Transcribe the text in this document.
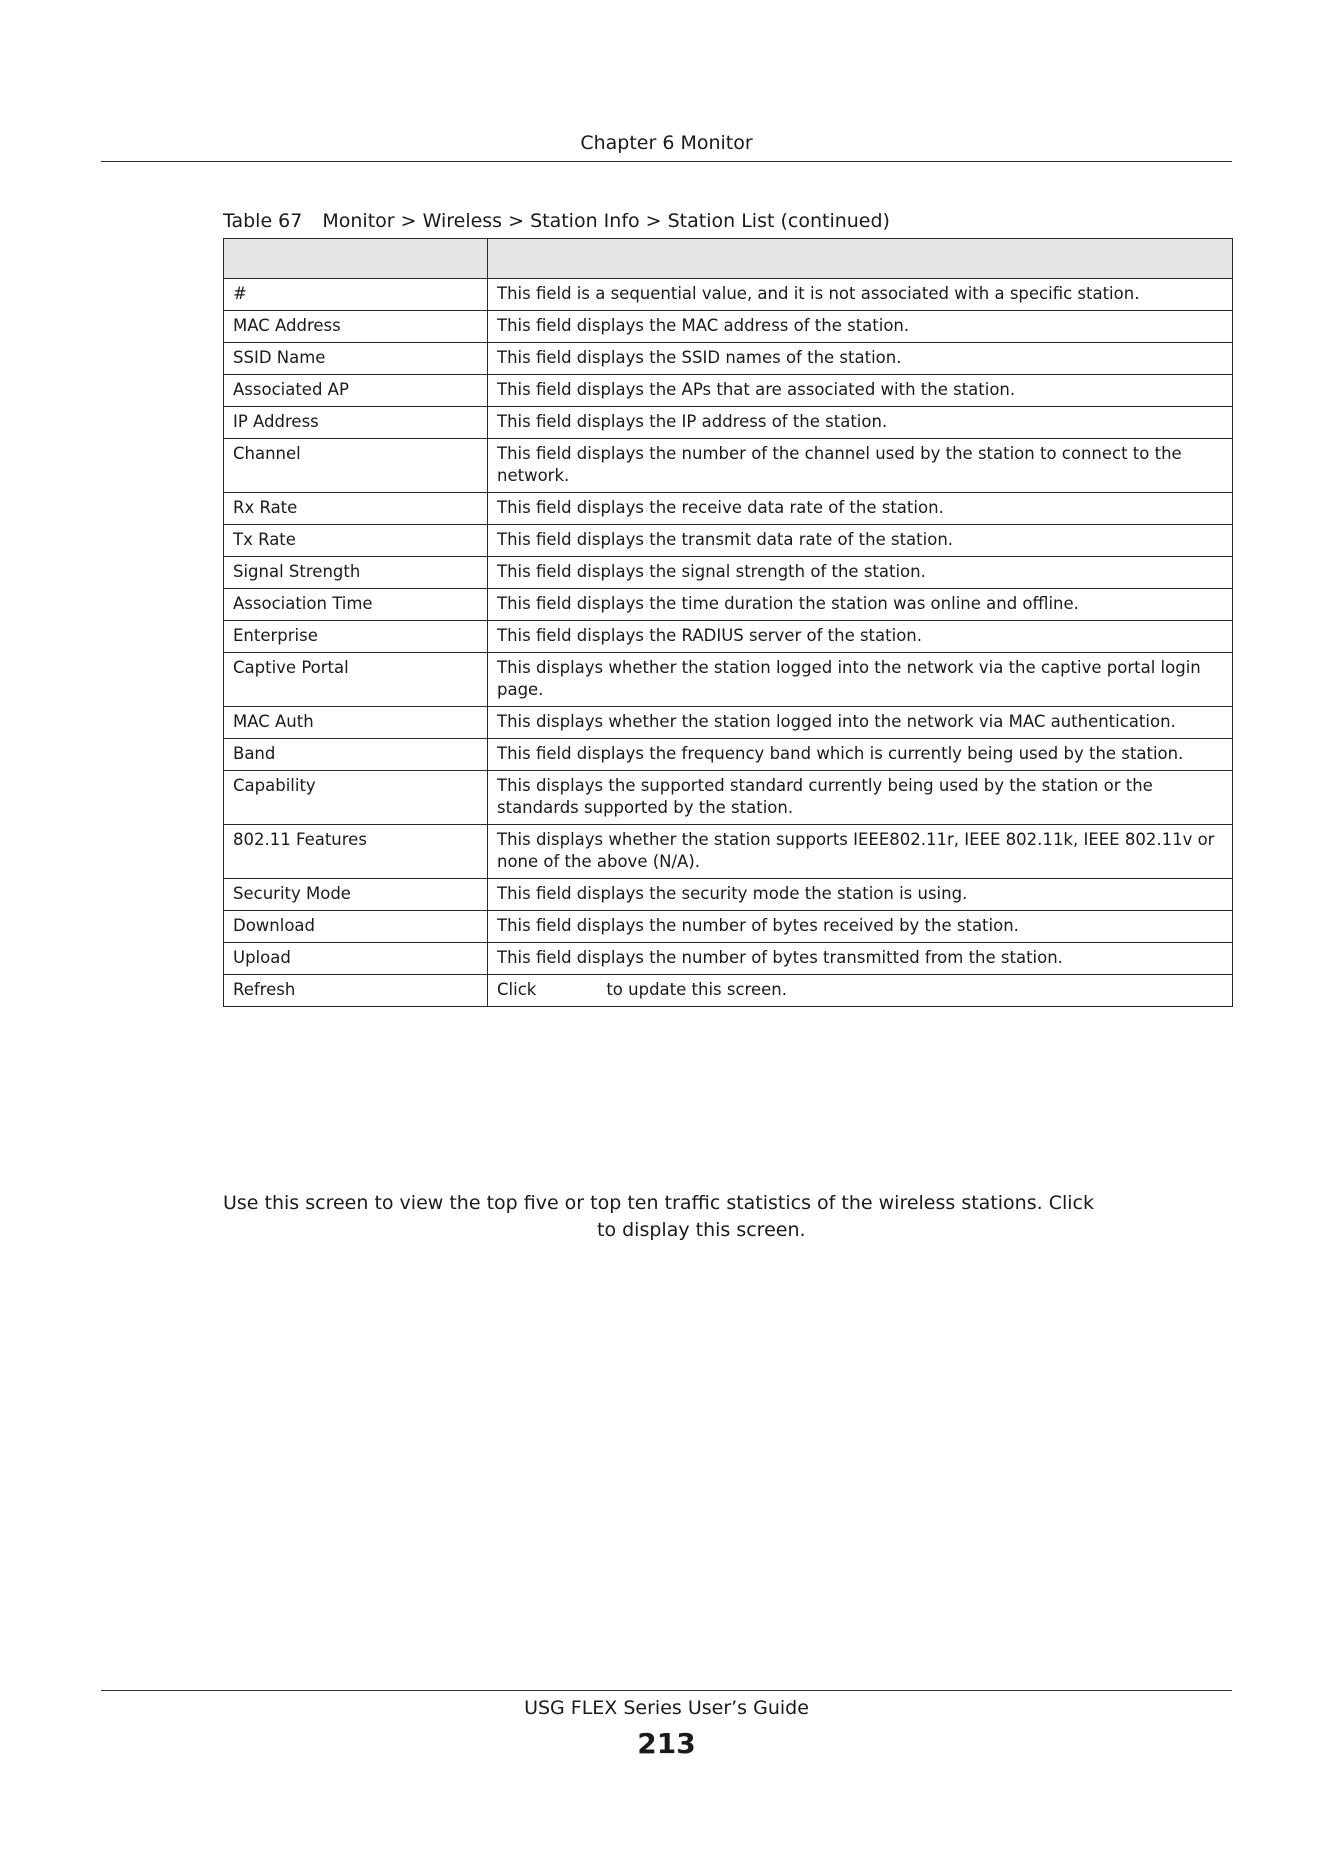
Chapter 6 Monitor
Table 67 Monitor > Wireless > Station Info > Station List (continued)

#	This field is a sequential value, and it is not associated with a specific station.
MAC Address	This field displays the MAC address of the station.
SSID Name	This field displays the SSID names of the station.
Associated AP	This field displays the APs that are associated with the station.
IP Address	This field displays the IP address of the station.
Channel	This field displays the number of the channel used by the station to connect to the network.
Rx Rate	This field displays the receive data rate of the station.
Tx Rate	This field displays the transmit data rate of the station.
Signal Strength	This field displays the signal strength of the station.
Association Time	This field displays the time duration the station was online and offline.
Enterprise	This field displays the RADIUS server of the station.
Captive Portal	This displays whether the station logged into the network via the captive portal login page.
MAC Auth	This displays whether the station logged into the network via MAC authentication.
Band	This field displays the frequency band which is currently being used by the station.
Capability	This displays the supported standard currently being used by the station or the standards supported by the station.
802.11 Features	This displays whether the station supports IEEE802.11r, IEEE 802.11k, IEEE 802.11v or none of the above (N/A).
Security Mode	This field displays the security mode the station is using.
Download	This field displays the number of bytes received by the station.
Upload	This field displays the number of bytes transmitted from the station.
Refresh	Click to update this screen.
Use this screen to view the top five or top ten traffic statistics of the wireless stations. Click
to display this screen.
USG FLEX Series User’s Guide
213
